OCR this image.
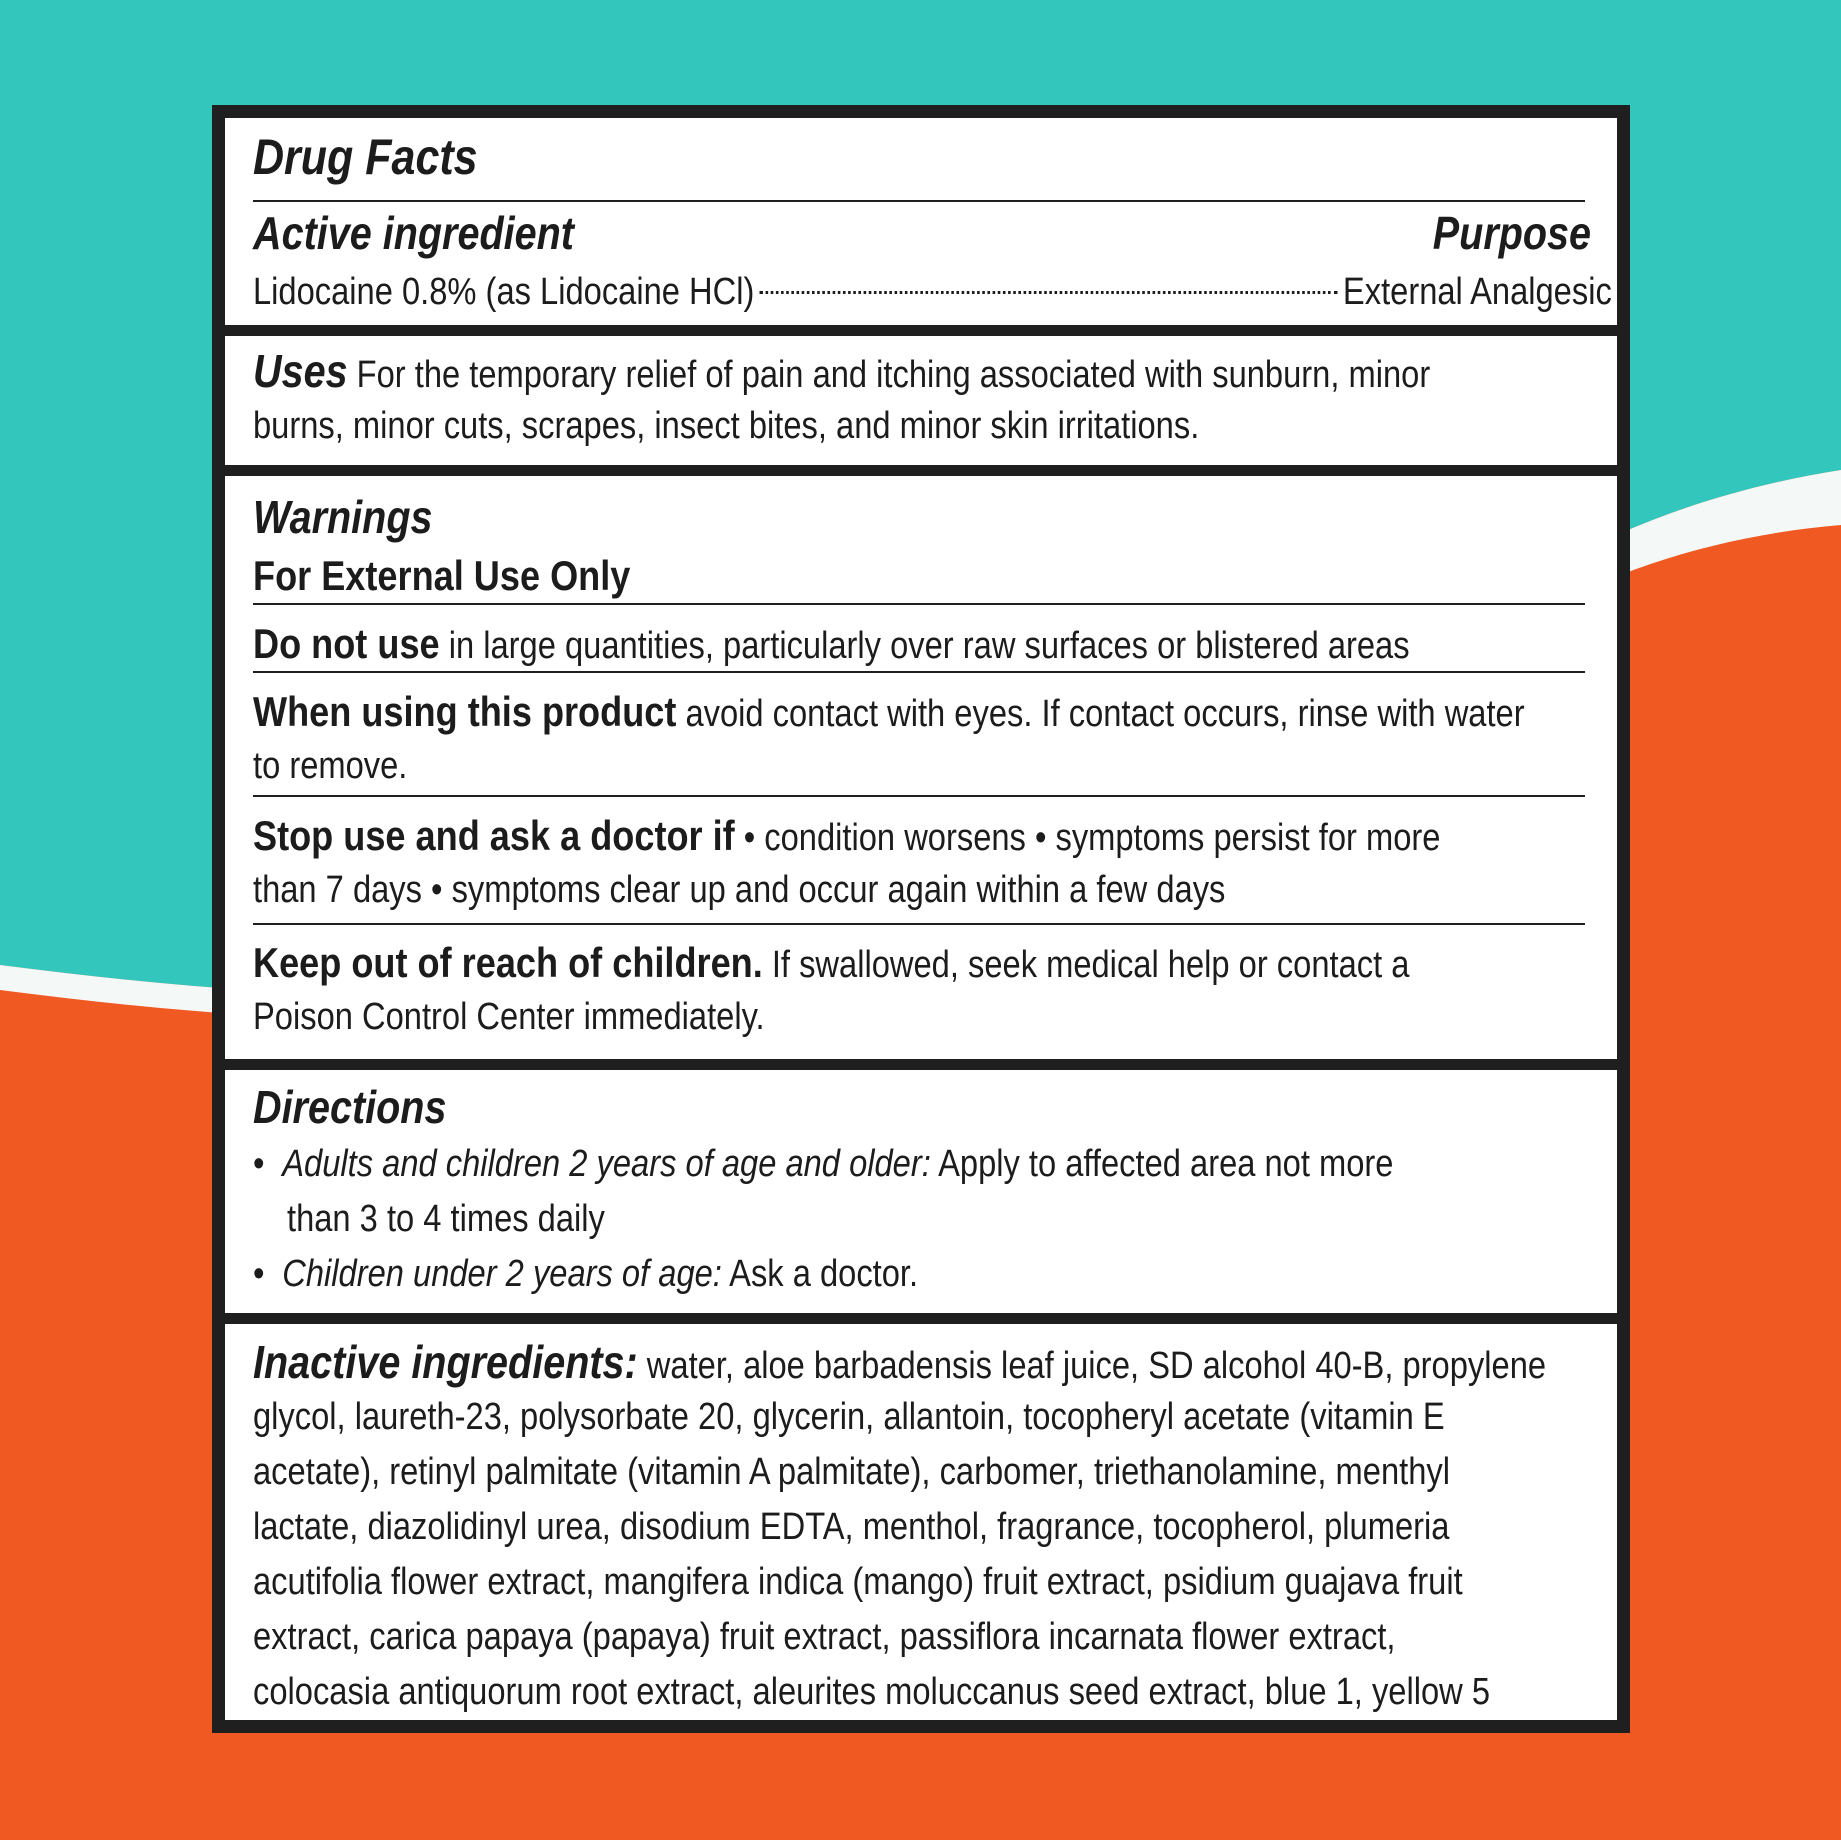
Drug Facts
Active ingredient	Purpose
Lidocaine 0.8% (as Lidocaine HCl)	External Analgesic
Uses For the temporary relief of pain and itching associated with sunburn, minor
burns, minor cuts, scrapes, insect bites, and minor skin irritations.
Warnings
For External Use Only
Do not use in large quantities, particularly over raw surfaces or blistered areas
When using this product avoid contact with eyes. If contact occurs, rinse with water
to remove.
Stop use and ask a doctor if • condition worsens • symptoms persist for more
than 7 days • symptoms clear up and occur again within a few days
Keep out of reach of children. If swallowed, seek medical help or contact a
Poison Control Center immediately.
Directions
• Adults and children 2 years of age and older: Apply to affected area not more
than 3 to 4 times daily
• Children under 2 years of age: Ask a doctor.
Inactive ingredients: water, aloe barbadensis leaf juice, SD alcohol 40-B, propylene
glycol, laureth-23, polysorbate 20, glycerin, allantoin, tocopheryl acetate (vitamin E
acetate), retinyl palmitate (vitamin A palmitate), carbomer, triethanolamine, menthyl
lactate, diazolidinyl urea, disodium EDTA, menthol, fragrance, tocopherol, plumeria
acutifolia flower extract, mangifera indica (mango) fruit extract, psidium guajava fruit
extract, carica papaya (papaya) fruit extract, passiflora incarnata flower extract,
colocasia antiquorum root extract, aleurites moluccanus seed extract, blue 1, yellow 5
